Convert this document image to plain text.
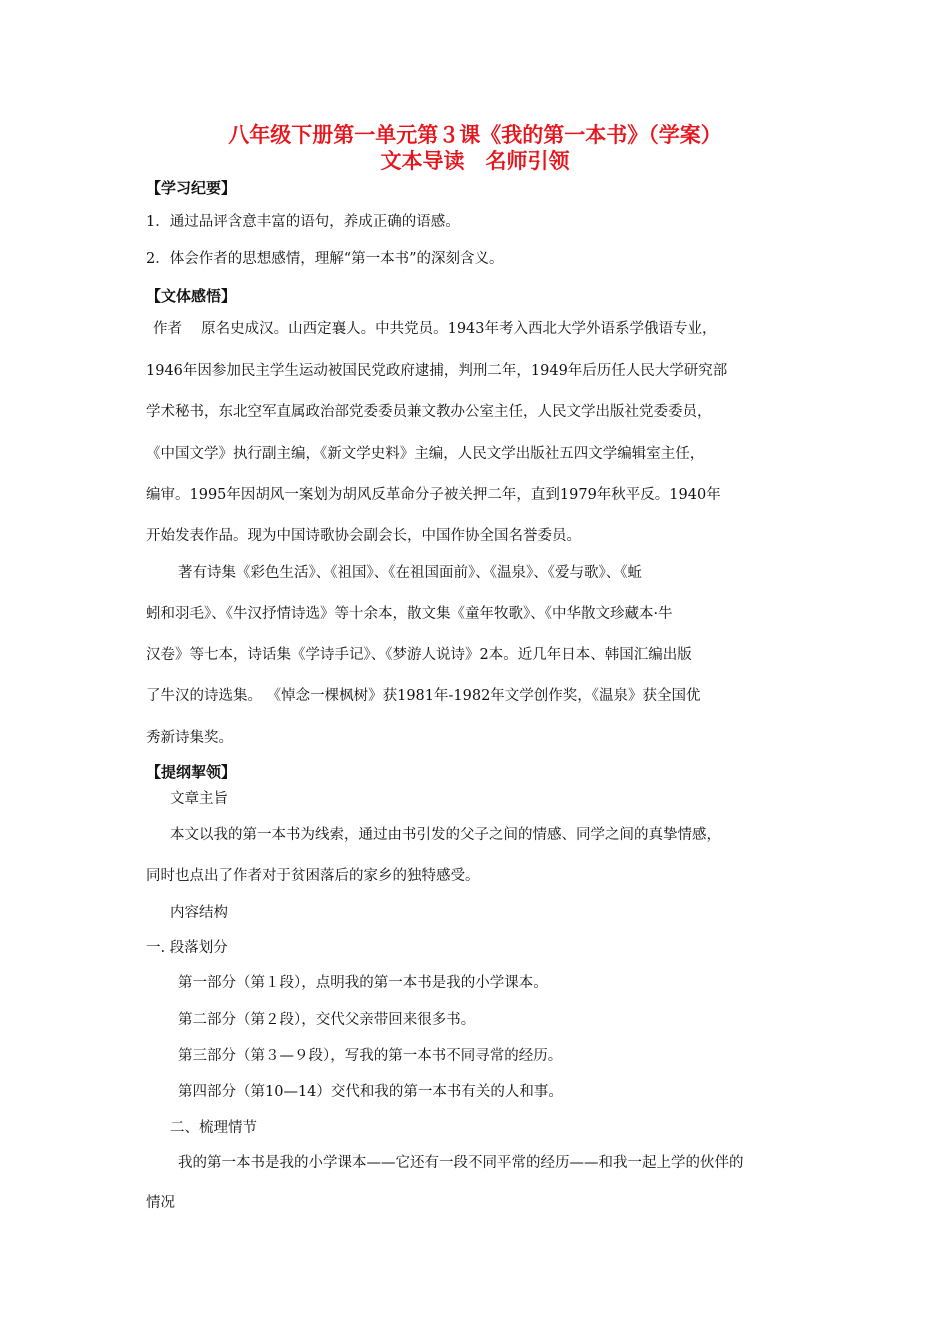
八年级下册第一单元第３课《我的第一本书》（学案）
文本导读　名师引领
【学习纪要】
1．通过品评含意丰富的语句，养成正确的语感。
2．体会作者的思想感情，理解“第一本书”的深刻含义。
【文体感悟】
作者　 原名史成汉。山西定襄人。中共党员。1943年考入西北大学外语系学俄语专业，
1946年因参加民主学生运动被国民党政府逮捕，判刑二年，1949年后历任人民大学研究部
学术秘书，东北空军直属政治部党委委员兼文教办公室主任，人民文学出版社党委委员，
《中国文学》执行副主编，《新文学史料》主编，人民文学出版社五四文学编辑室主任，
编审。1995年因胡风一案划为胡风反革命分子被关押二年，直到1979年秋平反。1940年
开始发表作品。现为中国诗歌协会副会长，中国作协全国名誉委员。
著有诗集《彩色生活》、《祖国》、《在祖国面前》、《温泉》、《爱与歌》、《蚯
蚓和羽毛》、《牛汉抒情诗选》等十余本，散文集《童年牧歌》、《中华散文珍藏本·牛
汉卷》等七本，诗话集《学诗手记》、《梦游人说诗》2本。近几年日本、韩国汇编出版
了牛汉的诗选集。 《悼念一棵枫树》获1981年-1982年文学创作奖，《温泉》获全国优
秀新诗集奖。
【提纲挈领】
文章主旨
本文以我的第一本书为线索，通过由书引发的父子之间的情感、同学之间的真挚情感，
同时也点出了作者对于贫困落后的家乡的独特感受。
内容结构
一. 段落划分
第一部分（第１段），点明我的第一本书是我的小学课本。
第二部分（第２段），交代父亲带回来很多书。
第三部分（第３—９段），写我的第一本书不同寻常的经历。
第四部分（第10—14）交代和我的第一本书有关的人和事。
二、梳理情节
我的第一本书是我的小学课本——它还有一段不同平常的经历——和我一起上学的伙伴的
情况
